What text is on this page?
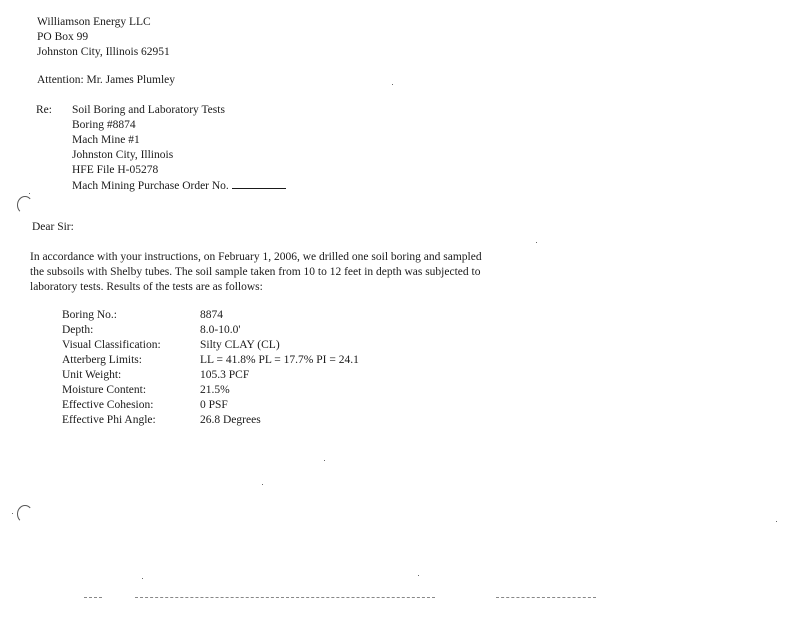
Williamson Energy LLC
PO Box 99
Johnston City, Illinois 62951
Attention: Mr. James Plumley
Re: Soil Boring and Laboratory Tests
Boring #8874
Mach Mine #1
Johnston City, Illinois
HFE File H-05278
Mach Mining Purchase Order No.
Dear Sir:
In accordance with your instructions, on February 1, 2006, we drilled one soil boring and sampled
the subsoils with Shelby tubes. The soil sample taken from 10 to 12 feet in depth was subjected to
laboratory tests. Results of the tests are as follows:
Boring No.:	8874
Depth:	8.0-10.0'
Visual Classification:	Silty CLAY (CL)
Atterberg Limits:	LL = 41.8% PL = 17.7% PI = 24.1
Unit Weight:	105.3 PCF
Moisture Content:	21.5%
Effective Cohesion:	0 PSF
Effective Phi Angle:	26.8 Degrees
